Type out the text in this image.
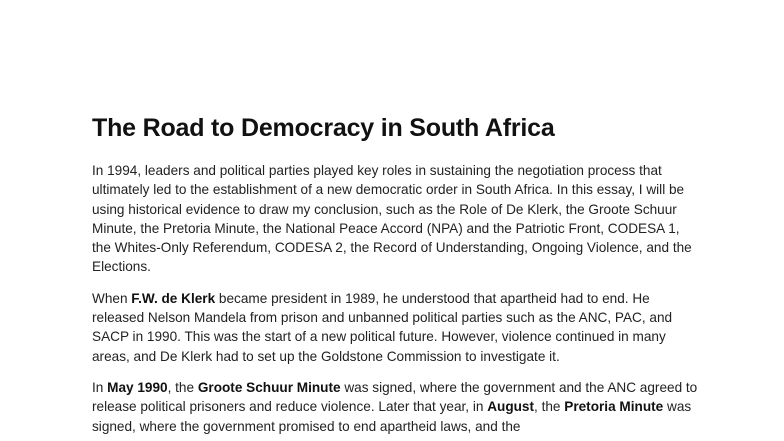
The Road to Democracy in South Africa

In 1994, leaders and political parties played key roles in sustaining the negotiation process that ultimately led to the establishment of a new democratic order in South Africa. In this essay, I will be using historical evidence to draw my conclusion, such as the Role of De Klerk, the Groote Schuur Minute, the Pretoria Minute, the National Peace Accord (NPA) and the Patriotic Front, CODESA 1, the Whites-Only Referendum, CODESA 2, the Record of Understanding, Ongoing Violence, and the Elections.

When F.W. de Klerk became president in 1989, he understood that apartheid had to end. He released Nelson Mandela from prison and unbanned political parties such as the ANC, PAC, and SACP in 1990. This was the start of a new political future. However, violence continued in many areas, and De Klerk had to set up the Goldstone Commission to investigate it.

In May 1990, the Groote Schuur Minute was signed, where the government and the ANC agreed to release political prisoners and reduce violence. Later that year, in August, the Pretoria Minute was signed, where the government promised to end apartheid laws, and the
